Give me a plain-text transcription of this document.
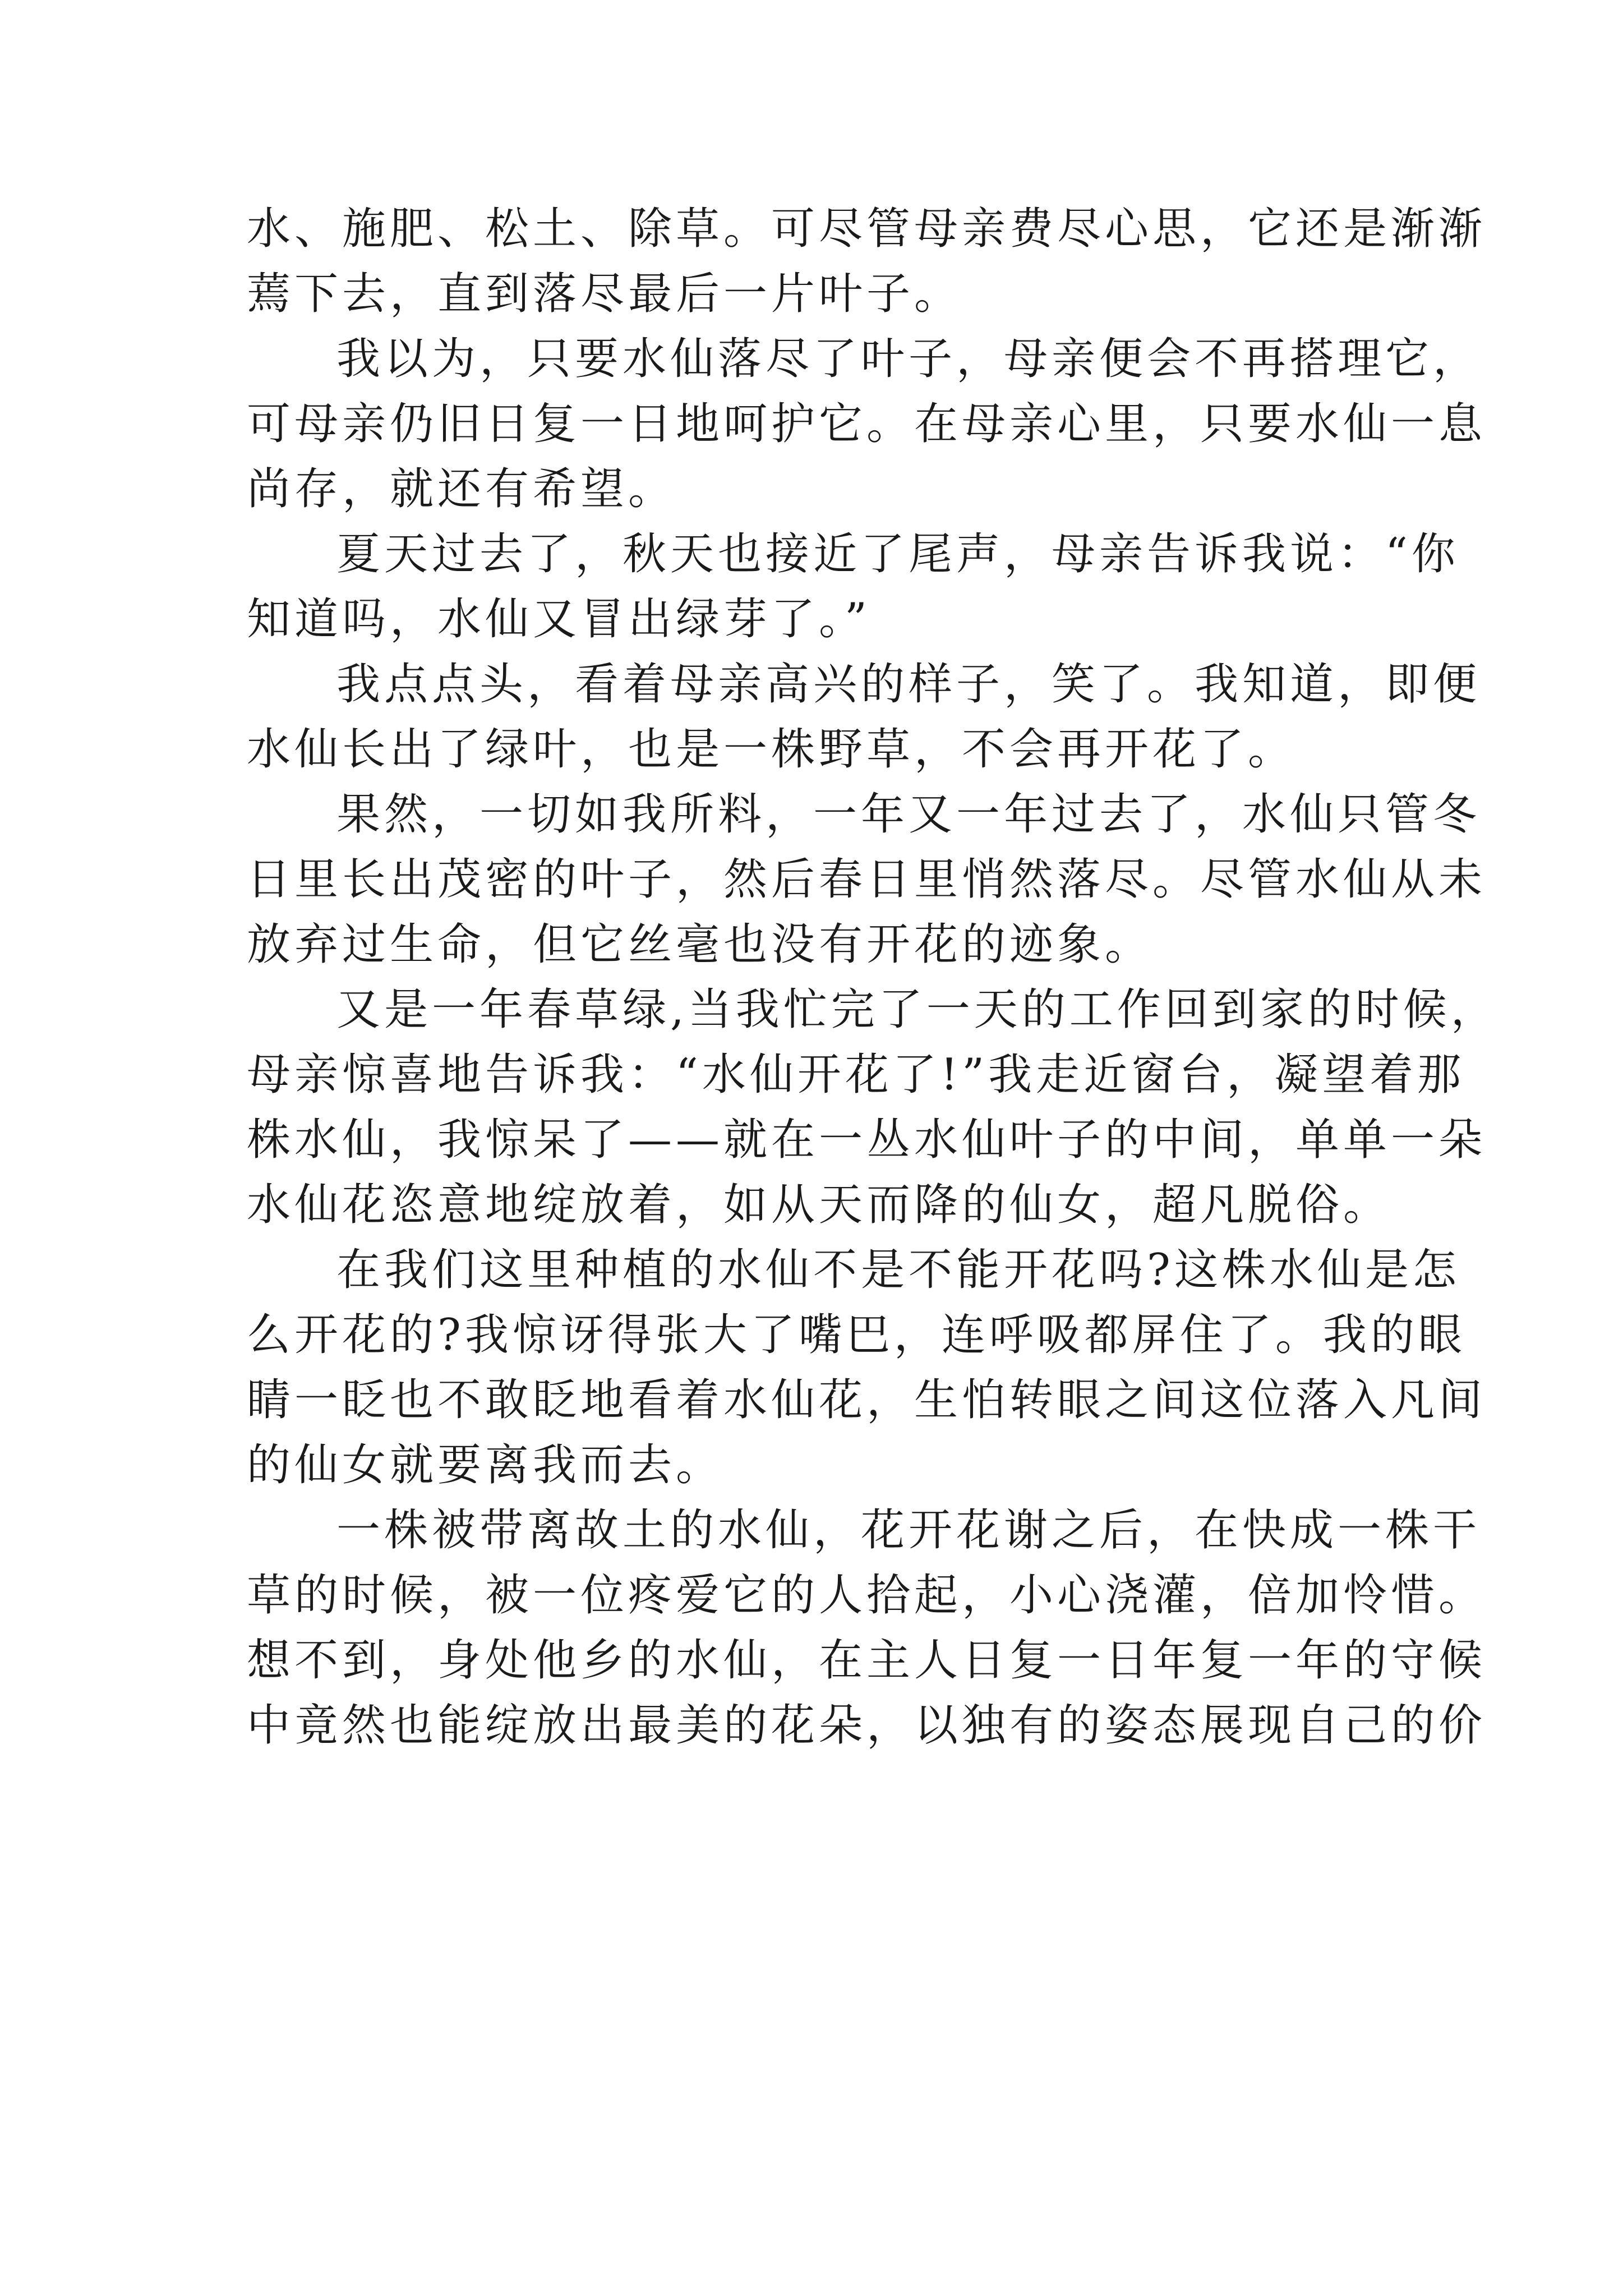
水、施肥、松土、除草。可尽管母亲费尽心思，它还是渐渐
蔫下去，直到落尽最后一片叶子。
我以为，只要水仙落尽了叶子，母亲便会不再搭理它，
可母亲仍旧日复一日地呵护它。在母亲心里，只要水仙一息
尚存，就还有希望。
夏天过去了，秋天也接近了尾声，母亲告诉我说：“你
知道吗，水仙又冒出绿芽了。”
我点点头，看着母亲高兴的样子，笑了。我知道，即便
水仙长出了绿叶，也是一株野草，不会再开花了。
果然，一切如我所料，一年又一年过去了，水仙只管冬
日里长出茂密的叶子，然后春日里悄然落尽。尽管水仙从未
放弃过生命，但它丝毫也没有开花的迹象。
又是一年春草绿,当我忙完了一天的工作回到家的时候，
母亲惊喜地告诉我：“水仙开花了!”我走近窗台，凝望着那
株水仙，我惊呆了——就在一丛水仙叶子的中间，单单一朵
水仙花恣意地绽放着，如从天而降的仙女，超凡脱俗。
在我们这里种植的水仙不是不能开花吗?这株水仙是怎
么开花的?我惊讶得张大了嘴巴，连呼吸都屏住了。我的眼
睛一眨也不敢眨地看着水仙花，生怕转眼之间这位落入凡间
的仙女就要离我而去。
一株被带离故土的水仙，花开花谢之后，在快成一株干
草的时候，被一位疼爱它的人拾起，小心浇灌，倍加怜惜。
想不到，身处他乡的水仙，在主人日复一日年复一年的守候
中竟然也能绽放出最美的花朵，以独有的姿态展现自己的价
